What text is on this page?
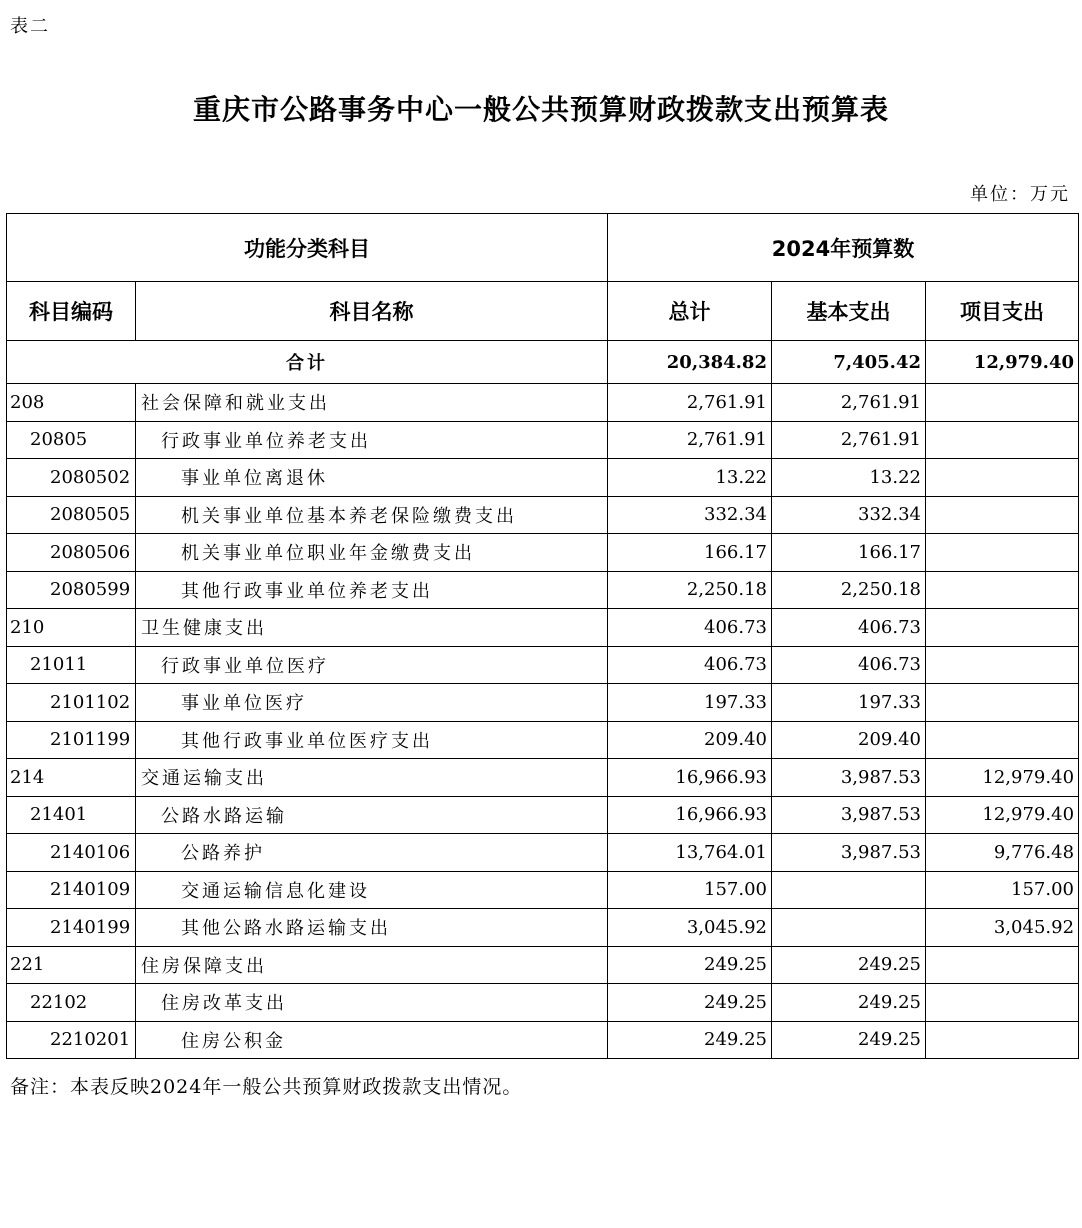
表二
重庆市公路事务中心一般公共预算财政拨款支出预算表
单位：万元
功能分类科目		2024年预算数		
科目编码	科目名称	总计	基本支出	项目支出
合计		20,384.82	7,405.42	12,979.40
208	社会保障和就业支出	2,761.91	2,761.91	
20805	行政事业单位养老支出	2,761.91	2,761.91	
2080502	事业单位离退休	13.22	13.22	
2080505	机关事业单位基本养老保险缴费支出	332.34	332.34	
2080506	机关事业单位职业年金缴费支出	166.17	166.17	
2080599	其他行政事业单位养老支出	2,250.18	2,250.18	
210	卫生健康支出	406.73	406.73	
21011	行政事业单位医疗	406.73	406.73	
2101102	事业单位医疗	197.33	197.33	
2101199	其他行政事业单位医疗支出	209.40	209.40	
214	交通运输支出	16,966.93	3,987.53	12,979.40
21401	公路水路运输	16,966.93	3,987.53	12,979.40
2140106	公路养护	13,764.01	3,987.53	9,776.48
2140109	交通运输信息化建设	157.00		157.00
2140199	其他公路水路运输支出	3,045.92		3,045.92
221	住房保障支出	249.25	249.25	
22102	住房改革支出	249.25	249.25	
2210201	住房公积金	249.25	249.25	
备注：本表反映2024年一般公共预算财政拨款支出情况。
